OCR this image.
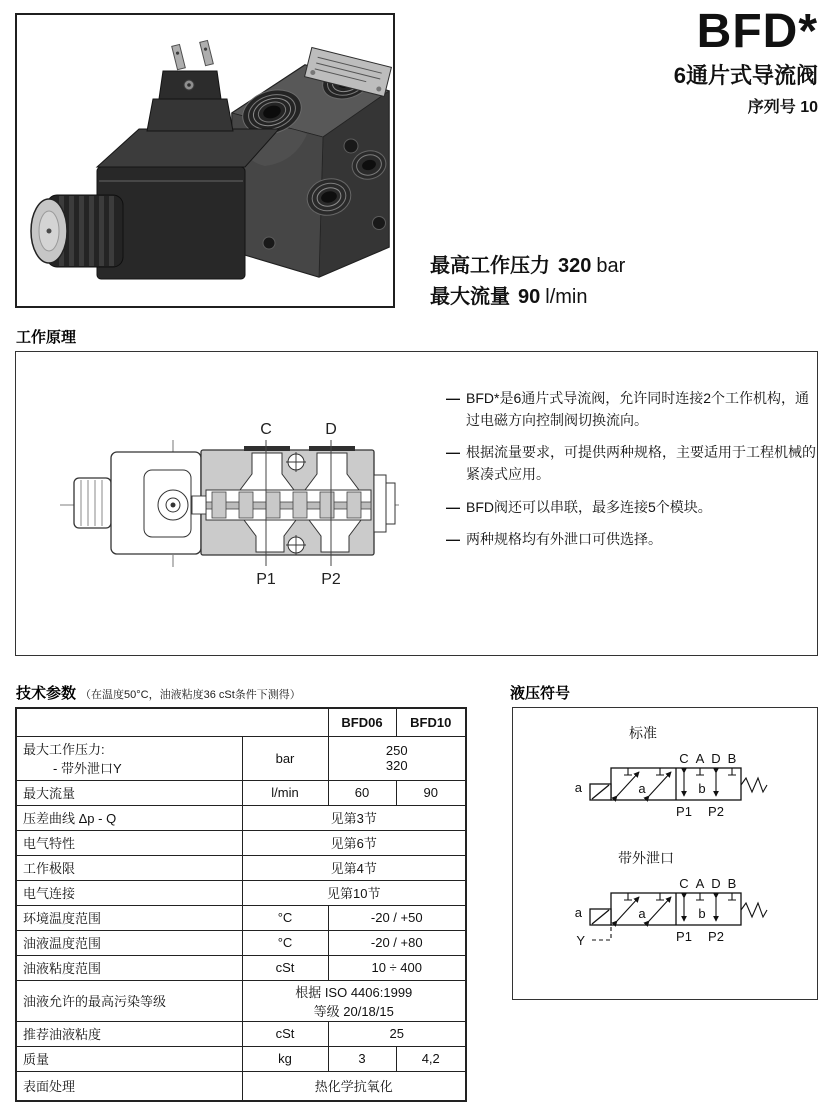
BFD*
6通片式导流阀
序列号 10
最高工作压力 320 bar
最大流量 90 l/min
工作原理
C	D
P1	P2
— BFD*是6通片式导流阀，允许同时连接2个工作机构，通过电磁方向控制阀切换流向。
— 根据流量要求，可提供两种规格，主要适用于工程机械的紧凑式应用。
— BFD阀还可以串联，最多连接5个模块。
— 两种规格均有外泄口可供选择。
技术参数 （在温度50°C，油液粘度36 cSt条件下测得）
		BFD06	BFD10

最大工作压力:
- 带外泄口Y
	bar	250
320

最大流量	l/min	60	90
压差曲线 Δp - Q	见第3节		
电气特性	见第6节		
工作极限	见第4节		
电气连接	见第10节		
环境温度范围	°C	-20 / +50	
油液温度范围	°C	-20 / +80	
油液粘度范围	cSt	10 ÷ 400	
油液允许的最高污染等级	根据 ISO 4406:1999
等级 20/18/15		

推荐油液粘度	cSt	25	
质量	kg	3	4,2
表面处理	热化学抗氧化		
液压符号
标准
a	a	b
C A D B
P1 P2
带外泄口
a	a	b
C A D B
P1 P2
Y
